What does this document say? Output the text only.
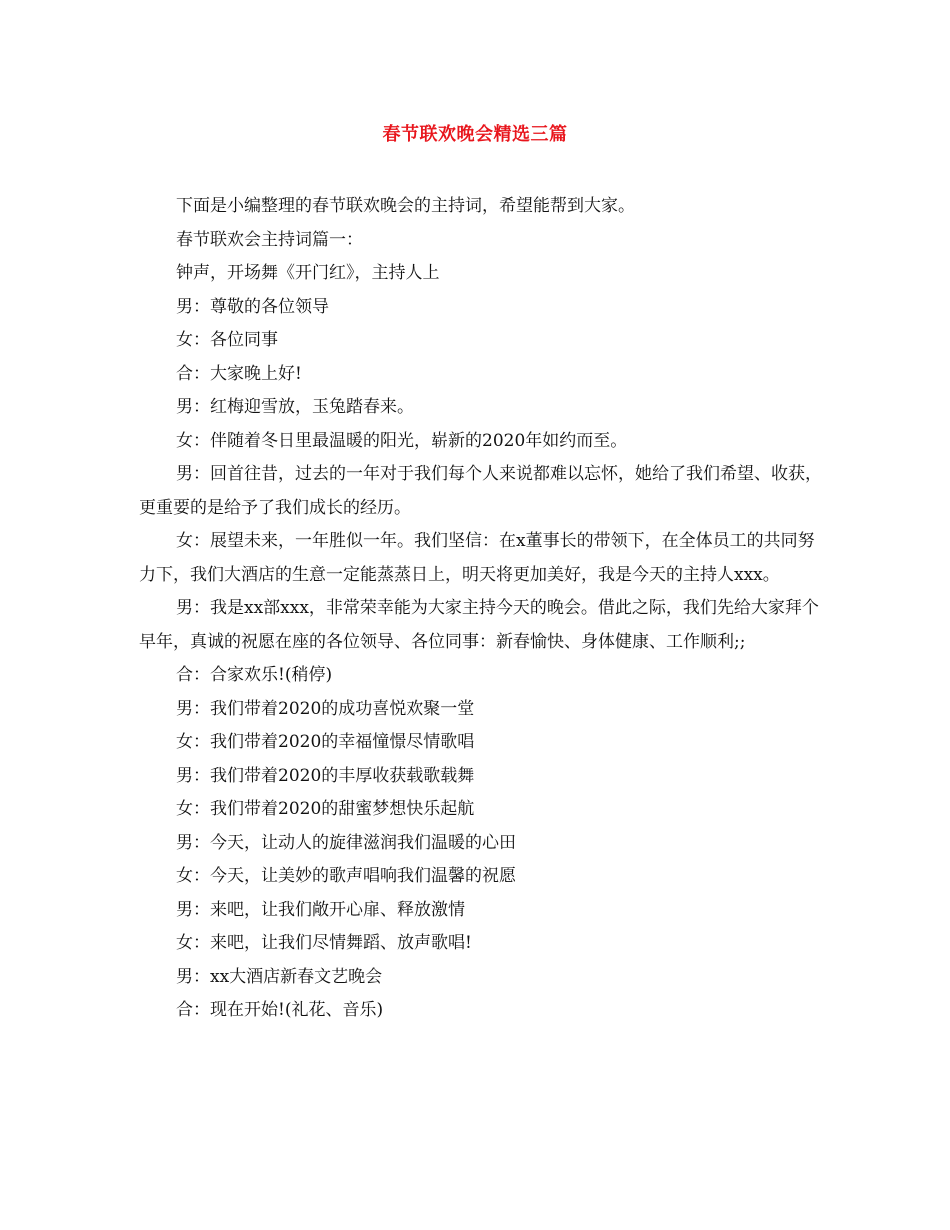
春节联欢晚会精选三篇

下面是小编整理的春节联欢晚会的主持词，希望能帮到大家。

春节联欢会主持词篇一：

钟声，开场舞《开门红》，主持人上

男：尊敬的各位领导

女：各位同事

合：大家晚上好!

男：红梅迎雪放，玉兔踏春来。

女：伴随着冬日里最温暖的阳光，崭新的2020年如约而至。

男：回首往昔，过去的一年对于我们每个人来说都难以忘怀，她给了我们希望、收获，更重要的是给予了我们成长的经历。

女：展望未来，一年胜似一年。我们坚信：在x董事长的带领下，在全体员工的共同努力下，我们大酒店的生意一定能蒸蒸日上，明天将更加美好，我是今天的主持人xxx。

男：我是xx部xxx，非常荣幸能为大家主持今天的晚会。借此之际，我们先给大家拜个早年，真诚的祝愿在座的各位领导、各位同事：新春愉快、身体健康、工作顺利;;

合：合家欢乐!(稍停)

男：我们带着2020的成功喜悦欢聚一堂

女：我们带着2020的幸福憧憬尽情歌唱

男：我们带着2020的丰厚收获载歌载舞

女：我们带着2020的甜蜜梦想快乐起航

男：今天，让动人的旋律滋润我们温暖的心田

女：今天，让美妙的歌声唱响我们温馨的祝愿

男：来吧，让我们敞开心扉、释放激情

女：来吧，让我们尽情舞蹈、放声歌唱!

男：xx大酒店新春文艺晚会

合：现在开始!(礼花、音乐)
